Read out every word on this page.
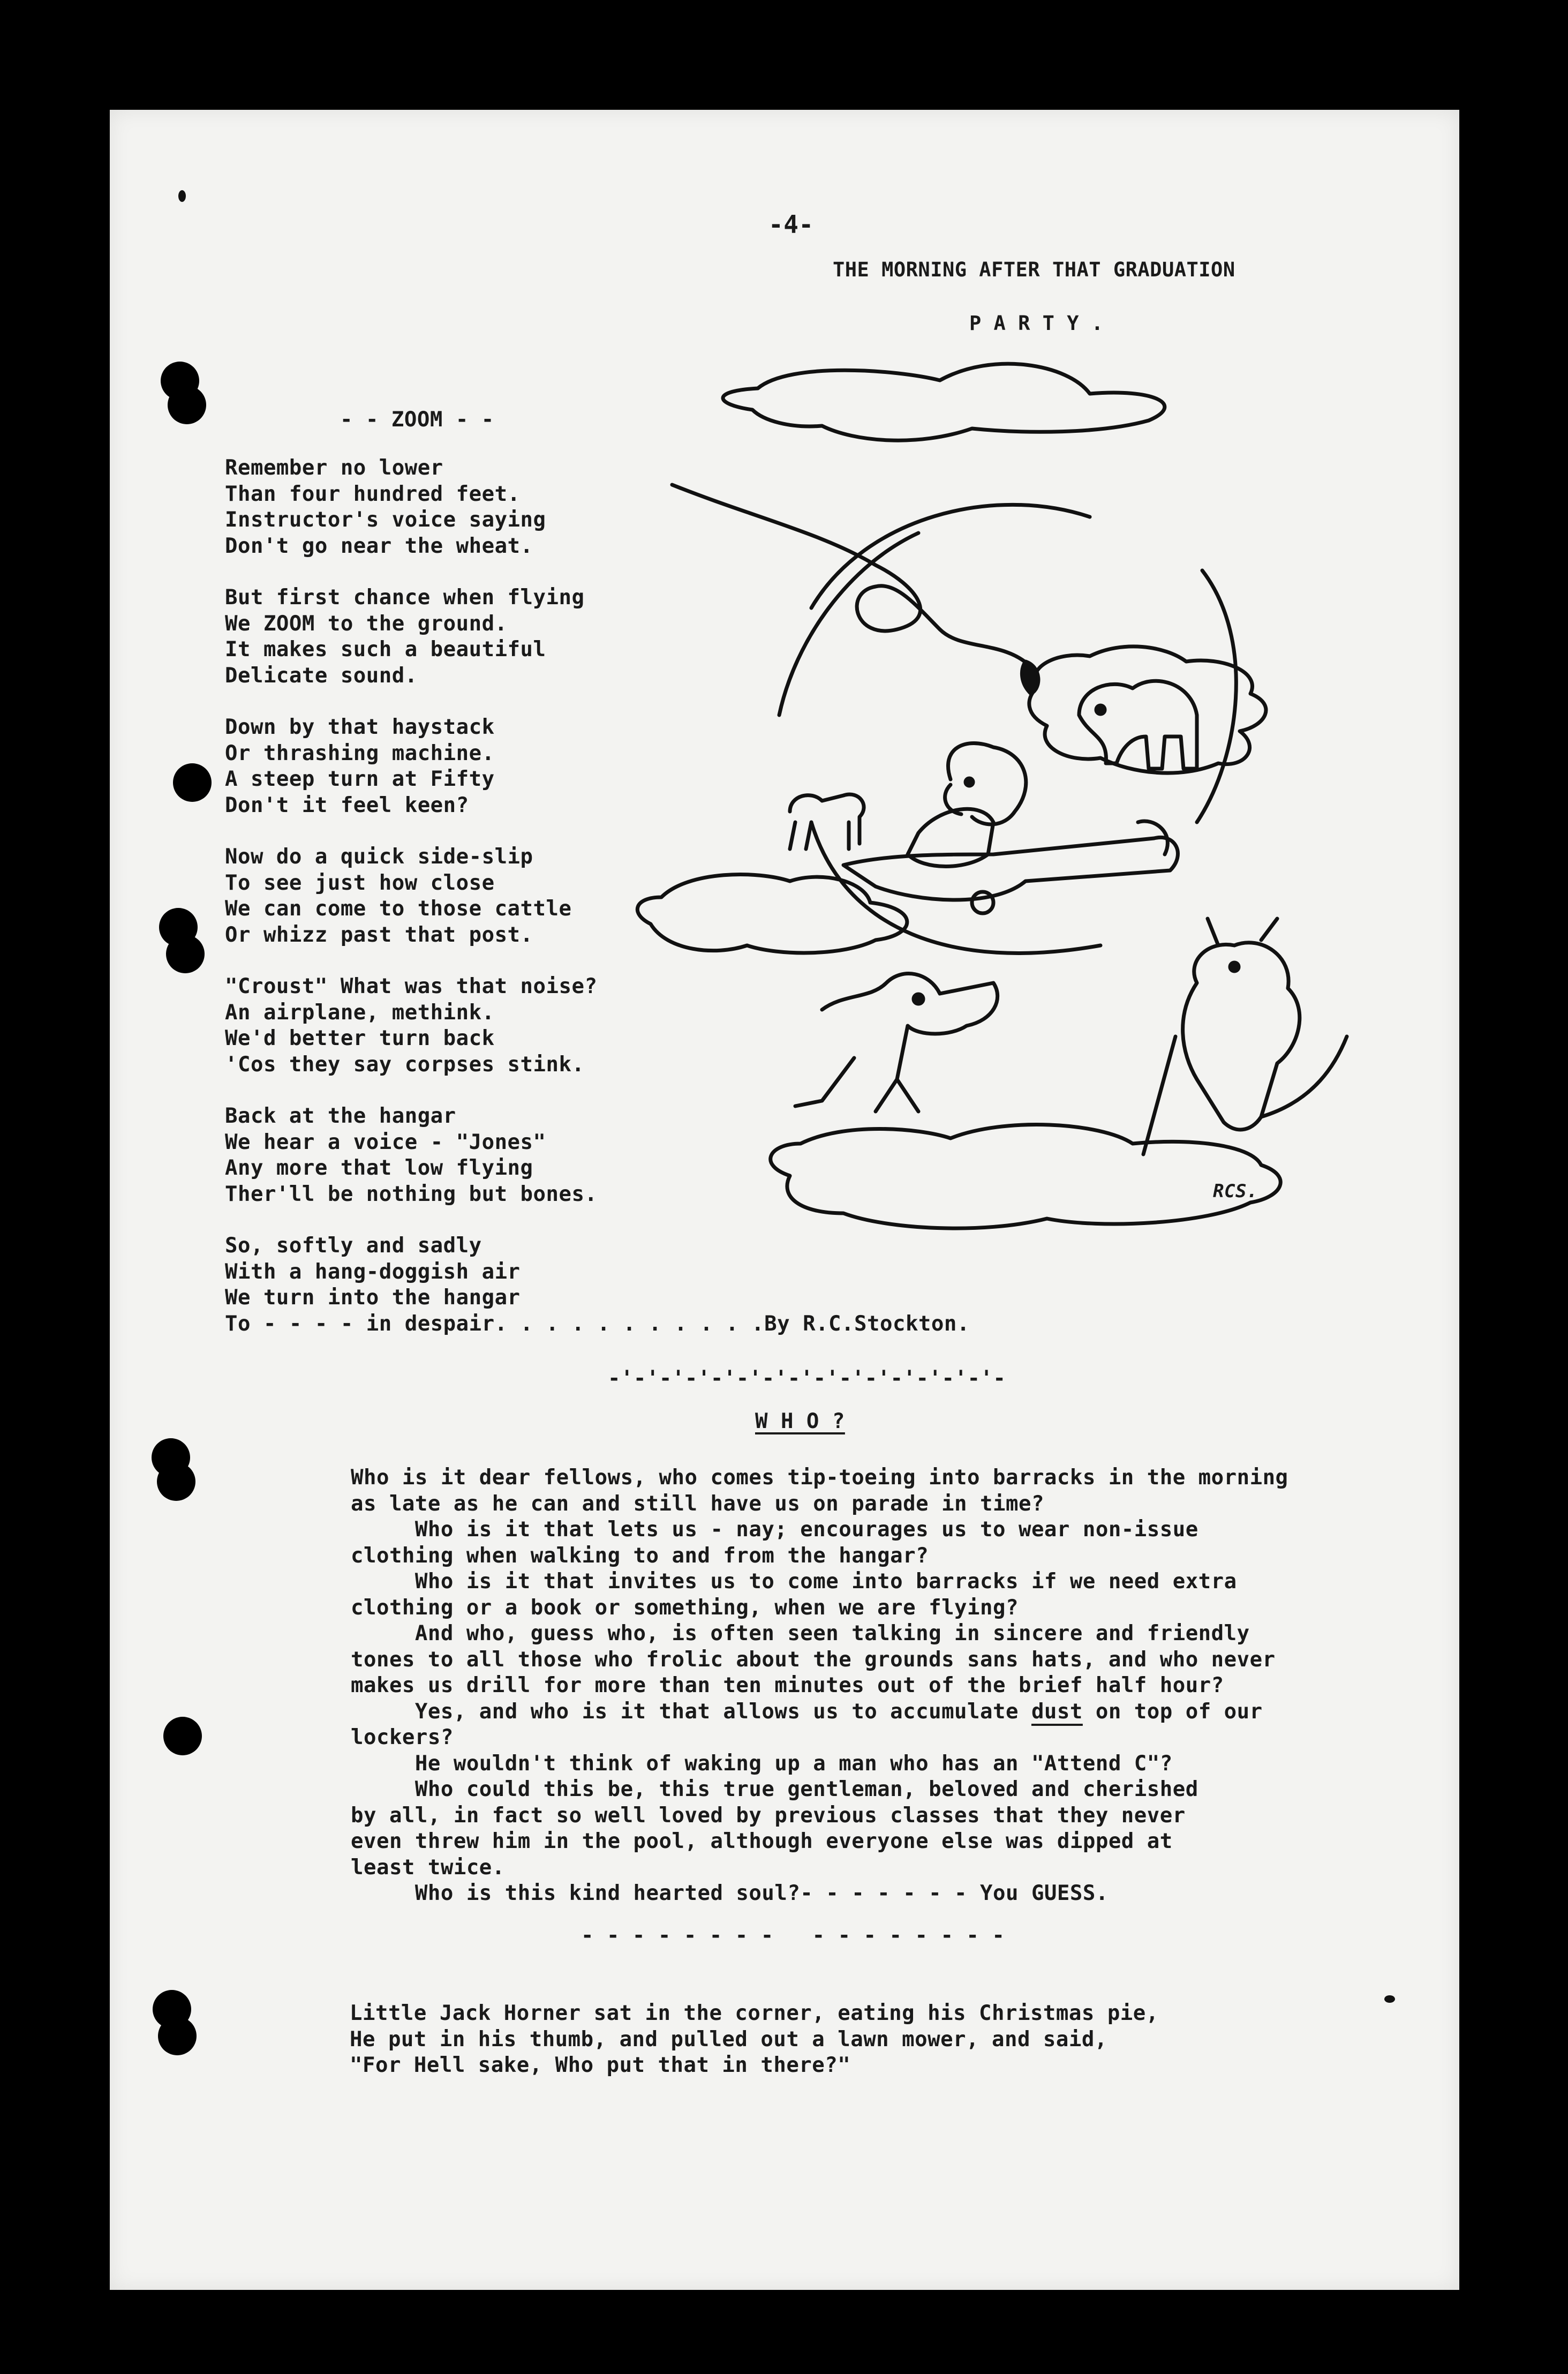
-4-
THE MORNING AFTER THAT GRADUATION
P A R T Y .
- - ZOOM - -
Remember no lower
Than four hundred feet.
Instructor's voice saying
Don't go near the wheat.
But first chance when flying
We ZOOM to the ground.
It makes such a beautiful
Delicate sound.
Down by that haystack
Or thrashing machine.
A steep turn at Fifty
Don't it feel keen?
Now do a quick side-slip
To see just how close
We can come to those cattle
Or whizz past that post.
"Croust" What was that noise?
An airplane, methink.
We'd better turn back
'Cos they say corpses stink.
Back at the hangar
We hear a voice - "Jones"
Any more that low flying
Ther'll be nothing but bones.
So, softly and sadly
With a hang-doggish air
We turn into the hangar
To - - - - in despair. . . . . . . . . . .By R.C.Stockton.
RCS.
-'-'-'-'-'-'-'-'-'-'-'-'-'-'-'-
W H O ?
Who is it dear fellows, who comes tip-toeing into barracks in the morning
as late as he can and still have us on parade in time?
Who is it that lets us - nay; encourages us to wear non-issue
clothing when walking to and from the hangar?
Who is it that invites us to come into barracks if we need extra
clothing or a book or something, when we are flying?
And who, guess who, is often seen talking in sincere and friendly
tones to all those who frolic about the grounds sans hats, and who never
makes us drill for more than ten minutes out of the brief half hour?
Yes, and who is it that allows us to accumulate dust on top of our
lockers?
He wouldn't think of waking up a man who has an "Attend C"?
Who could this be, this true gentleman, beloved and cherished
by all, in fact so well loved by previous classes that they never
even threw him in the pool, although everyone else was dipped at
least twice.
Who is this kind hearted soul?- - - - - - - You GUESS.
- - - - - - - -   - - - - - - - -
Little Jack Horner sat in the corner, eating his Christmas pie,
He put in his thumb, and pulled out a lawn mower, and said,
"For Hell sake, Who put that in there?"
